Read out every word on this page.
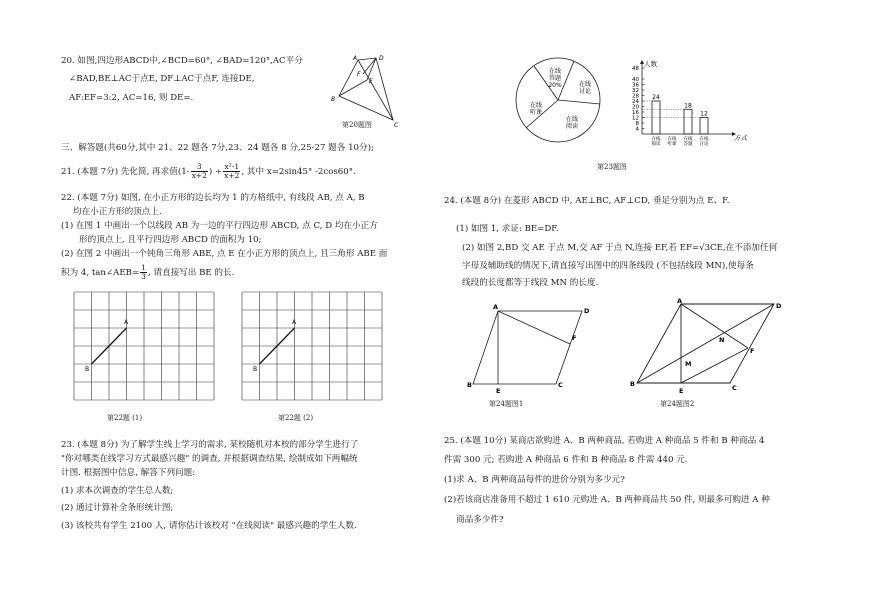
20. 如图,四边形ABCD中,∠BCD=60°, ∠BAD=120°,AC平分
∠BAD,BE⊥AC于点E, DF⊥AC于点F, 连接DE,
AF:EF=3:2, AC=16, 则 DE=.
A	D
F
E
B
C
第20题图
三、解答题(共60分,其中 21、22 题各 7分,23、24 题各 8 分,25-27 题各 10分);
21. (本题 7分) 先化简, 再求值($1- \frac{3}{x+2}$ ) ÷ $\frac{\text{x²-1}}{x+2}$ , 其中 x=2sin45° -2cos60°.
22. (本题 7分) 如图, 在小正方形的边长均为 1 的方格纸中, 有线段 AB, 点 A, B
均在小正方形的顶点上.
(1) 在图 1 中画出一个以线段 AB 为一边的平行四边形 ABCD, 点 C, D 均在小正方
形的顶点上, 且平行四边形 ABCD 的面积为 10;
(2) 在图 2 中画出一个钝角三角形 ABE, 点 E 在小正方形的顶点上, 且三角形 ABE 面
积为 4, tan∠AEB= $\frac{1}{3}$ , 请直接写出 BE 的长.
A
B
第22题 (1)
A
B
第22题 (2)
23. (本题 8分) 为了解学生线上学习的需求, 某校随机对本校的部分学生进行了
"你对哪类在线学习方式最感兴趣" 的调查, 并根据调查结果, 绘制成如下两幅统
计图. 根据图中信息, 解答下列问题:
(1) 求本次调查的学生总人数;
(2) 通过计算补全条形统计图;
(3) 该校共有学生 2100 人, 请你估计该校对 "在线阅读" 最感兴趣的学生人数.
在线
答题
20%	在线
讨论
在线
听课
在线
阅读
第23题图
4
8
12
16
20
24
28
32
36
40
48
24
在线
阅读
在线
听课
18
在线
答题
12
在线
讨论
人数
方式
24. (本题 8分) 在菱形 ABCD 中, AE⊥BC, AF⊥CD, 垂足分别为点 E、F.
(1) 如图 1, 求证: BE=DF.
(2) 如图 2,BD 交 AE 于点 M,交 AF 于点 N,连接 EF,若 EF=√3CE,在不添加任何
字母及辅助线的情况下,请直接写出图中的四条线段 (不包括线段 MN),使每条
线段的长度都等于线段 MN 的长度.
A	D
F
B
E
C
第24题图1
A
D
N
F
M
B
E	C
第24题图2
25. (本题 10分) 某商店欲购进 A、B 两种商品, 若购进 A 种商品 5 件和 B 种商品 4
件需 300 元; 若购进 A 种商品 6 件和 B 种商品 8 件需 440 元.
(1)求 A、B 两种商品每件的进价分别为多少元?
(2)若该商店准备用不超过 1 610 元购进 A、B 两种商品共 50 件, 则最多可购进 A 种
商品多少件?
